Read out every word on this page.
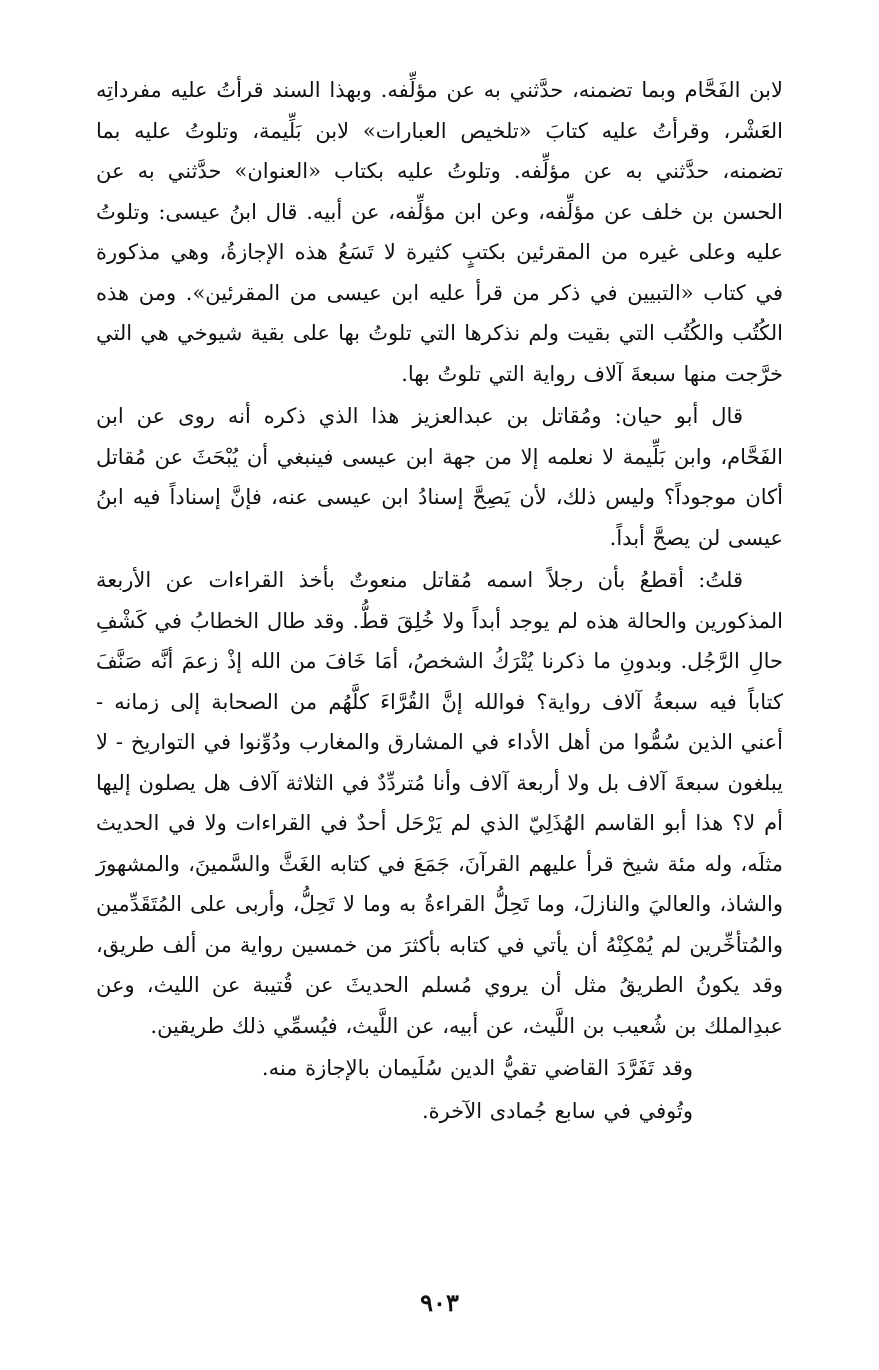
لابن الفَحَّام وبما تضمنه، حدَّثني به عن مؤلِّفه. وبهذا السند قرأتُ عليه مفرداتِه العَشْر، وقرأتُ عليه كتابَ «تلخيص العبارات» لابن بَلِّيمة، وتلوتُ عليه بما تضمنه، حدَّثني به عن مؤلِّفه. وتلوتُ عليه بكتاب «العنوان» حدَّثني به عن الحسن بن خلف عن مؤلِّفه، وعن ابن مؤلِّفه، عن أبيه. قال ابنُ عيسى: وتلوتُ عليه وعلى غيره من المقرئين بكتبٍ كثيرة لا تَسَعُ هذه الإجازةُ، وهي مذكورة في كتاب «التبيين في ذكر من قرأ عليه ابن عيسى من المقرئين». ومن هذه الكُتُب والكُتُب التي بقيت ولم نذكرها التي تلوتُ بها على بقية شيوخي هي التي خرَّجت منها سبعةَ آلاف رواية التي تلوتُ بها.

قال أبو حيان: ومُقاتل بن عبدالعزيز هذا الذي ذكره أنه روى عن ابن الفَحَّام، وابن بَلِّيمة لا نعلمه إلا من جهة ابن عيسى فينبغي أن يُبْحَثَ عن مُقاتل أكان موجوداً؟ وليس ذلك، لأن يَصِحَّ إسنادُ ابن عيسى عنه، فإنَّ إسناداً فيه ابنُ عيسى لن يصحَّ أبداً.

قلتُ: أقطعُ بأن رجلاً اسمه مُقاتل منعوتٌ بأخذ القراءات عن الأربعة المذكورين والحالة هذه لم يوجد أبداً ولا خُلِقَ قطُّ. وقد طال الخطابُ في كَشْفِ حالِ الرَّجُل. وبدونِ ما ذكرنا يُتْرَكُ الشخصُ، أمَا خَافَ من الله إذْ زعمَ أنَّه صَنَّفَ كتاباً فيه سبعةُ آلاف رواية؟ فوالله إنَّ القُرَّاءَ كلَّهُم من الصحابة إلى زمانه - أعني الذين سُمُّوا من أهل الأداء في المشارق والمغارب ودُوِّنوا في التواريخ - لا يبلغون سبعةَ آلاف بل ولا أربعة آلاف وأنا مُتردِّدٌ في الثلاثة آلاف هل يصلون إليها أم لا؟ هذا أبو القاسم الهُذَلِيّ الذي لم يَرْحَل أحدٌ في القراءات ولا في الحديث مثلَه، وله مئة شيخ قرأ عليهم القرآنَ، جَمَعَ في كتابه الغَثَّ والسَّمينَ، والمشهورَ والشاذ، والعاليَ والنازلَ، وما تَحِلُّ القراءةُ به وما لا تَحِلُّ، وأربى على المُتَقَدِّمين والمُتأخِّرين لم يُمْكِنْهُ أن يأتي في كتابه بأكثرَ من خمسين رواية من ألف طريق، وقد يكونُ الطريقُ مثل أن يروي مُسلم الحديثَ عن قُتيبة عن الليث، وعن عبدِالملك بن شُعيب بن اللَّيث، عن أبيه، عن اللَّيث، فيُسمِّي ذلك طريقين.

وقد تَفَرَّدَ القاضي تقيُّ الدين سُلَيمان بالإجازة منه.

وتُوفي في سابع جُمادى الآخرة.

٩٠٣
